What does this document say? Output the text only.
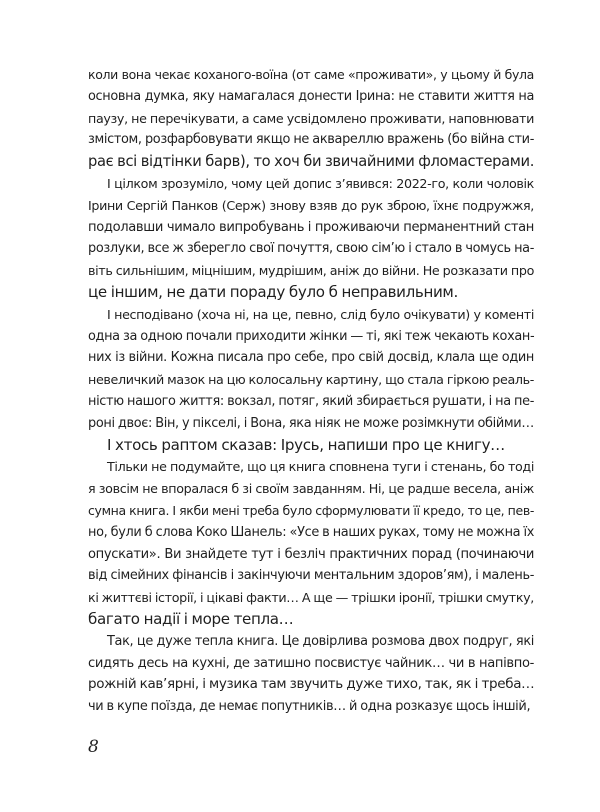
коли вона чекає коханого-воїна (от саме «проживати», у цьому й була
основна думка, яку намагалася донести Ірина: не ставити життя на
паузу, не перечікувати, а саме усвідомлено проживати, наповнювати
змістом, розфарбовувати якщо не аквареллю вражень (бо війна сти-
рає всі відтінки барв), то хоч би звичайними фломастерами.
І цілком зрозуміло, чому цей допис з’явився: 2022-го, коли чоловік
Ірини Сергій Панков (Серж) знову взяв до рук зброю, їхнє подружжя,
подолавши чимало випробувань і проживаючи перманентний стан
розлуки, все ж зберегло свої почуття, свою сім’ю і стало в чомусь на-
віть сильнішим, міцнішим, мудрішим, аніж до війни. Не розказати про
це іншим, не дати пораду було б неправильним.
І несподівано (хоча ні, на це, певно, слід було очікувати) у коменті
одна за одною почали приходити жінки — ті, які теж чекають кохан-
них із війни. Кожна писала про себе, про свій досвід, клала ще один
невеличкий мазок на цю колосальну картину, що стала гіркою реаль-
ністю нашого життя: вокзал, потяг, який збирається рушати, і на пе-
роні двоє: Він, у пікселі, і Вона, яка ніяк не може розімкнути обійми…
І хтось раптом сказав: Ірусь, напиши про це книгу…
Тільки не подумайте, що ця книга сповнена туги і стенань, бо тоді
я зовсім не впоралася б зі своїм завданням. Ні, це радше весела, аніж
сумна книга. І якби мені треба було сформулювати її кредо, то це, пев-
но, були б слова Коко Шанель: «Усе в наших руках, тому не можна їх
опускати». Ви знайдете тут і безліч практичних порад (починаючи
від сімейних фінансів і закінчуючи ментальним здоров’ям), і малень-
кі життєві історії, і цікаві факти… А ще — трішки іронії, трішки смутку,
багато надії і море тепла…
Так, це дуже тепла книга. Це довірлива розмова двох подруг, які
сидять десь на кухні, де затишно посвистує чайник… чи в напівпо-
рожній кав’ярні, і музика там звучить дуже тихо, так, як і треба…
чи в купе поїзда, де немає попутників… й одна розказує щось іншій,
8
